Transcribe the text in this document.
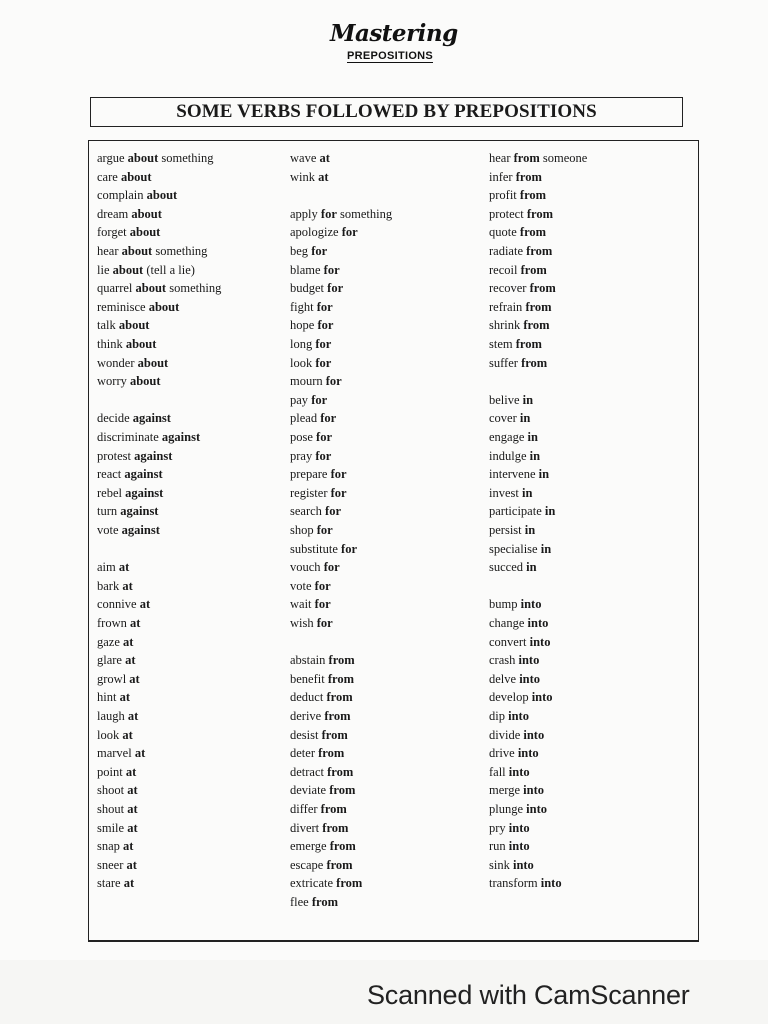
Mastering
PREPOSITIONS
SOME VERBS FOLLOWED BY PREPOSITIONS
argue about something
care about
complain about
dream about
forget about
hear about something
lie about (tell a lie)
quarrel about something
reminisce about
talk about
think about
wonder about
worry about
decide against
discriminate against
protest against
react against
rebel against
turn against
vote against
aim at
bark at
connive at
frown at
gaze at
glare at
growl at
hint at
laugh at
look at
marvel at
point at
shoot at
shout at
smile at
snap at
sneer at
stare at
wave at
wink at
apply for something
apologize for
beg for
blame for
budget for
fight for
hope for
long for
look for
mourn for
pay for
plead for
pose for
pray for
prepare for
register for
search for
shop for
substitute for
vouch for
vote for
wait for
wish for
abstain from
benefit from
deduct from
derive from
desist from
deter from
detract from
deviate from
differ from
divert from
emerge from
escape from
extricate from
flee from
hear from someone
infer from
profit from
protect from
quote from
radiate from
recoil from
recover from
refrain from
shrink from
stem from
suffer from
belive in
cover in
engage in
indulge in
intervene in
invest in
participate in
persist in
specialise in
succed in
bump into
change into
convert into
crash into
delve into
develop into
dip into
divide into
drive into
fall into
merge into
plunge into
pry into
run into
sink into
transform into
Scanned with CamScanner
